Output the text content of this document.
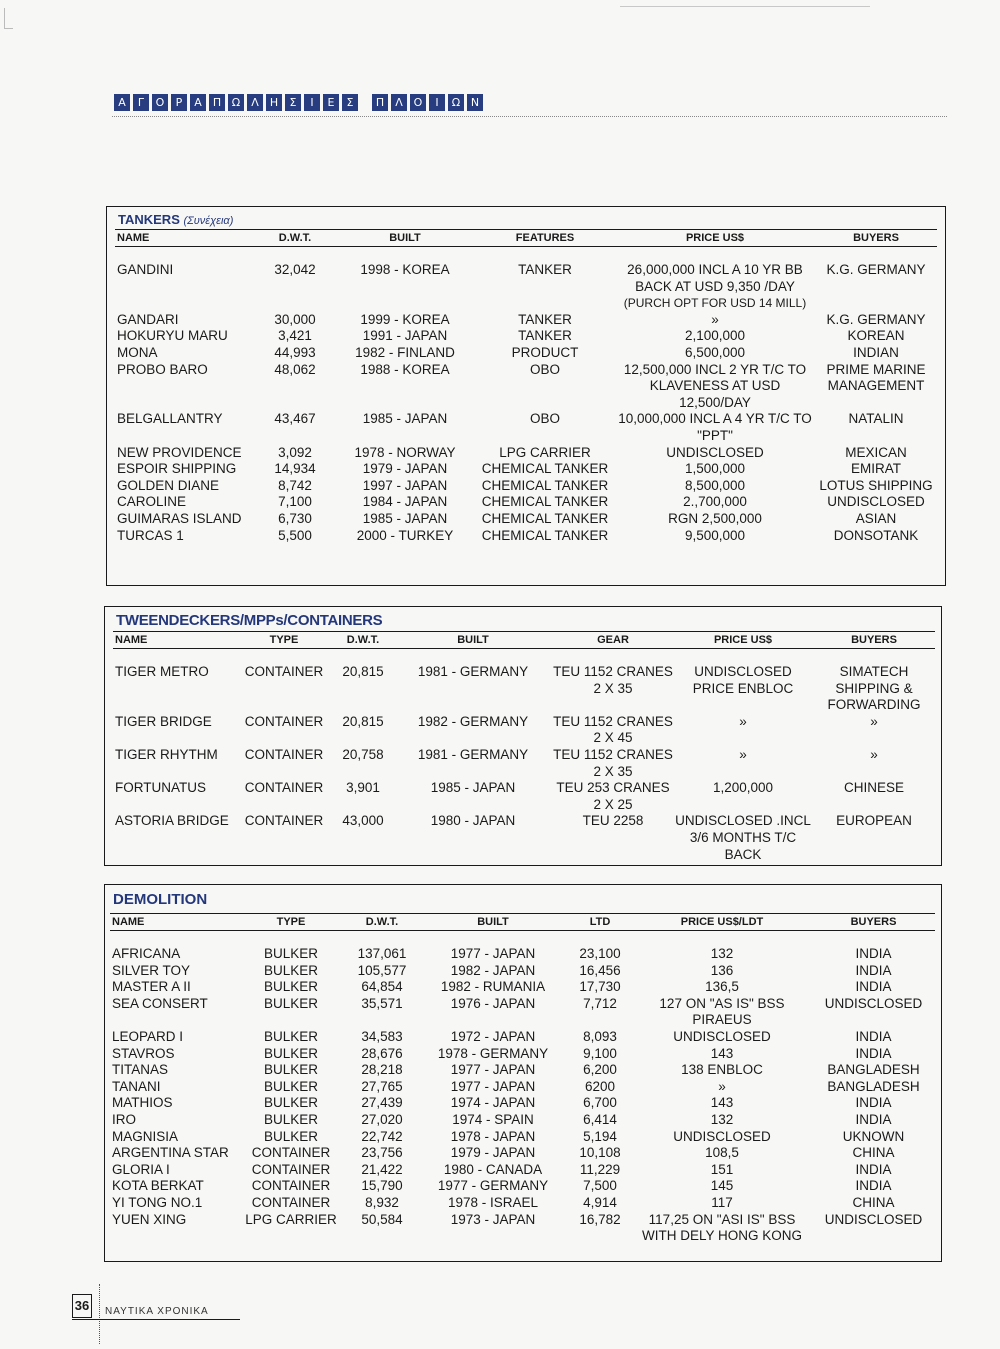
Α	Γ	Ο	Ρ	Α	Π Ω	Λ	Η	Σ	Ι	Ε	Σ	Π	Λ Ο	Ι	Ω Ν
TANKERS (Συνέχεια)
NAME	D.W.T.	BUILT	FEATURES	PRICE US$	BUYERS

GANDINI	32,042	1998 - KOREA	TANKER	26,000,000 INCL A 10 YR BB BACK AT USD 9,350 /DAY	K.G. GERMANY
				(PURCH OPT FOR USD 14 MILL)	
GANDARI	30,000	1999 - KOREA	TANKER	»	K.G. GERMANY
HOKURYU MARU	3,421	1991 - JAPAN	TANKER	2,100,000	KOREAN
MONA	44,993	1982 - FINLAND	PRODUCT	6,500,000	INDIAN
PROBO BARO	48,062	1988 - KOREA	OBO	12,500,000 INCL 2 YR T/C TO KLAVENESS AT USD 12,500/DAY	PRIME MARINE MANAGEMENT
BELGALLANTRY	43,467	1985 - JAPAN	OBO	10,000,000 INCL A 4 YR T/C TO "PPT"	NATALIN
NEW PROVIDENCE	3,092	1978 - NORWAY	LPG CARRIER	UNDISCLOSED	MEXICAN
ESPOIR SHIPPING	14,934	1979 - JAPAN	CHEMICAL TANKER	1,500,000	EMIRAT
GOLDEN DIANE	8,742	1997 - JAPAN	CHEMICAL TANKER	8,500,000	LOTUS SHIPPING
CAROLINE	7,100	1984 - JAPAN	CHEMICAL TANKER	2.,700,000	UNDISCLOSED
GUIMARAS ISLAND	6,730	1985 - JAPAN	CHEMICAL TANKER	RGN 2,500,000	ASIAN
TURCAS 1	5,500	2000 - TURKEY	CHEMICAL TANKER	9,500,000	DONSOTANK
TWEENDECKERS/MPPs/CONTAINERS
NAME	TYPE	D.W.T.	BUILT	GEAR	PRICE US$	BUYERS

TIGER METRO	CONTAINER	20,815	1981 - GERMANY	TEU 1152 CRANES 2 X 35	UNDISCLOSED PRICE ENBLOC	SIMATECH SHIPPING & FORWARDING
TIGER BRIDGE	CONTAINER	20,815	1982 - GERMANY	TEU 1152 CRANES 2 X 45	»	»
TIGER RHYTHM	CONTAINER	20,758	1981 - GERMANY	TEU 1152 CRANES 2 X 35	»	»
FORTUNATUS	CONTAINER	3,901	1985 - JAPAN	TEU 253 CRANES 2 X 25	1,200,000	CHINESE
ASTORIA BRIDGE	CONTAINER	43,000	1980 - JAPAN	TEU 2258	UNDISCLOSED .INCL 3/6 MONTHS T/C BACK	EUROPEAN
DEMOLITION
NAME	TYPE	D.W.T.	BUILT	LTD	PRICE US$/LDT	BUYERS

AFRICANA	BULKER	137,061	1977 - JAPAN	23,100	132	INDIA
SILVER TOY	BULKER	105,577	1982 - JAPAN	16,456	136	INDIA
MASTER A II	BULKER	64,854	1982 - RUMANIA	17,730	136,5	INDIA
SEA CONSERT	BULKER	35,571	1976 - JAPAN	7,712	127 ON "AS IS" BSS PIRAEUS	UNDISCLOSED
LEOPARD I	BULKER	34,583	1972 - JAPAN	8,093	UNDISCLOSED	INDIA
STAVROS	BULKER	28,676	1978 - GERMANY	9,100	143	INDIA
TITANAS	BULKER	28,218	1977 - JAPAN	6,200	138 ENBLOC	BANGLADESH
TANANI	BULKER	27,765	1977 - JAPAN	6200	»	BANGLADESH
MATHIOS	BULKER	27,439	1974 - JAPAN	6,700	143	INDIA
IRO	BULKER	27,020	1974 - SPAIN	6,414	132	INDIA
MAGNISIA	BULKER	22,742	1978 - JAPAN	5,194	UNDISCLOSED	UKNOWN
ARGENTINA STAR	CONTAINER	23,756	1979 - JAPAN	10,108	108,5	CHINA
GLORIA I	CONTAINER	21,422	1980 - CANADA	11,229	151	INDIA
KOTA BERKAT	CONTAINER	15,790	1977 - GERMANY	7,500	145	INDIA
YI TONG NO.1	CONTAINER	8,932	1978 - ISRAEL	4,914	117	CHINA
YUEN XING	LPG CARRIER	50,584	1973 - JAPAN	16,782	117,25 ON "ASI IS" BSS WITH DELY HONG KONG	UNDISCLOSED
36 ΝΑΥΤΙΚΑ ΧΡΟΝΙΚΑ
